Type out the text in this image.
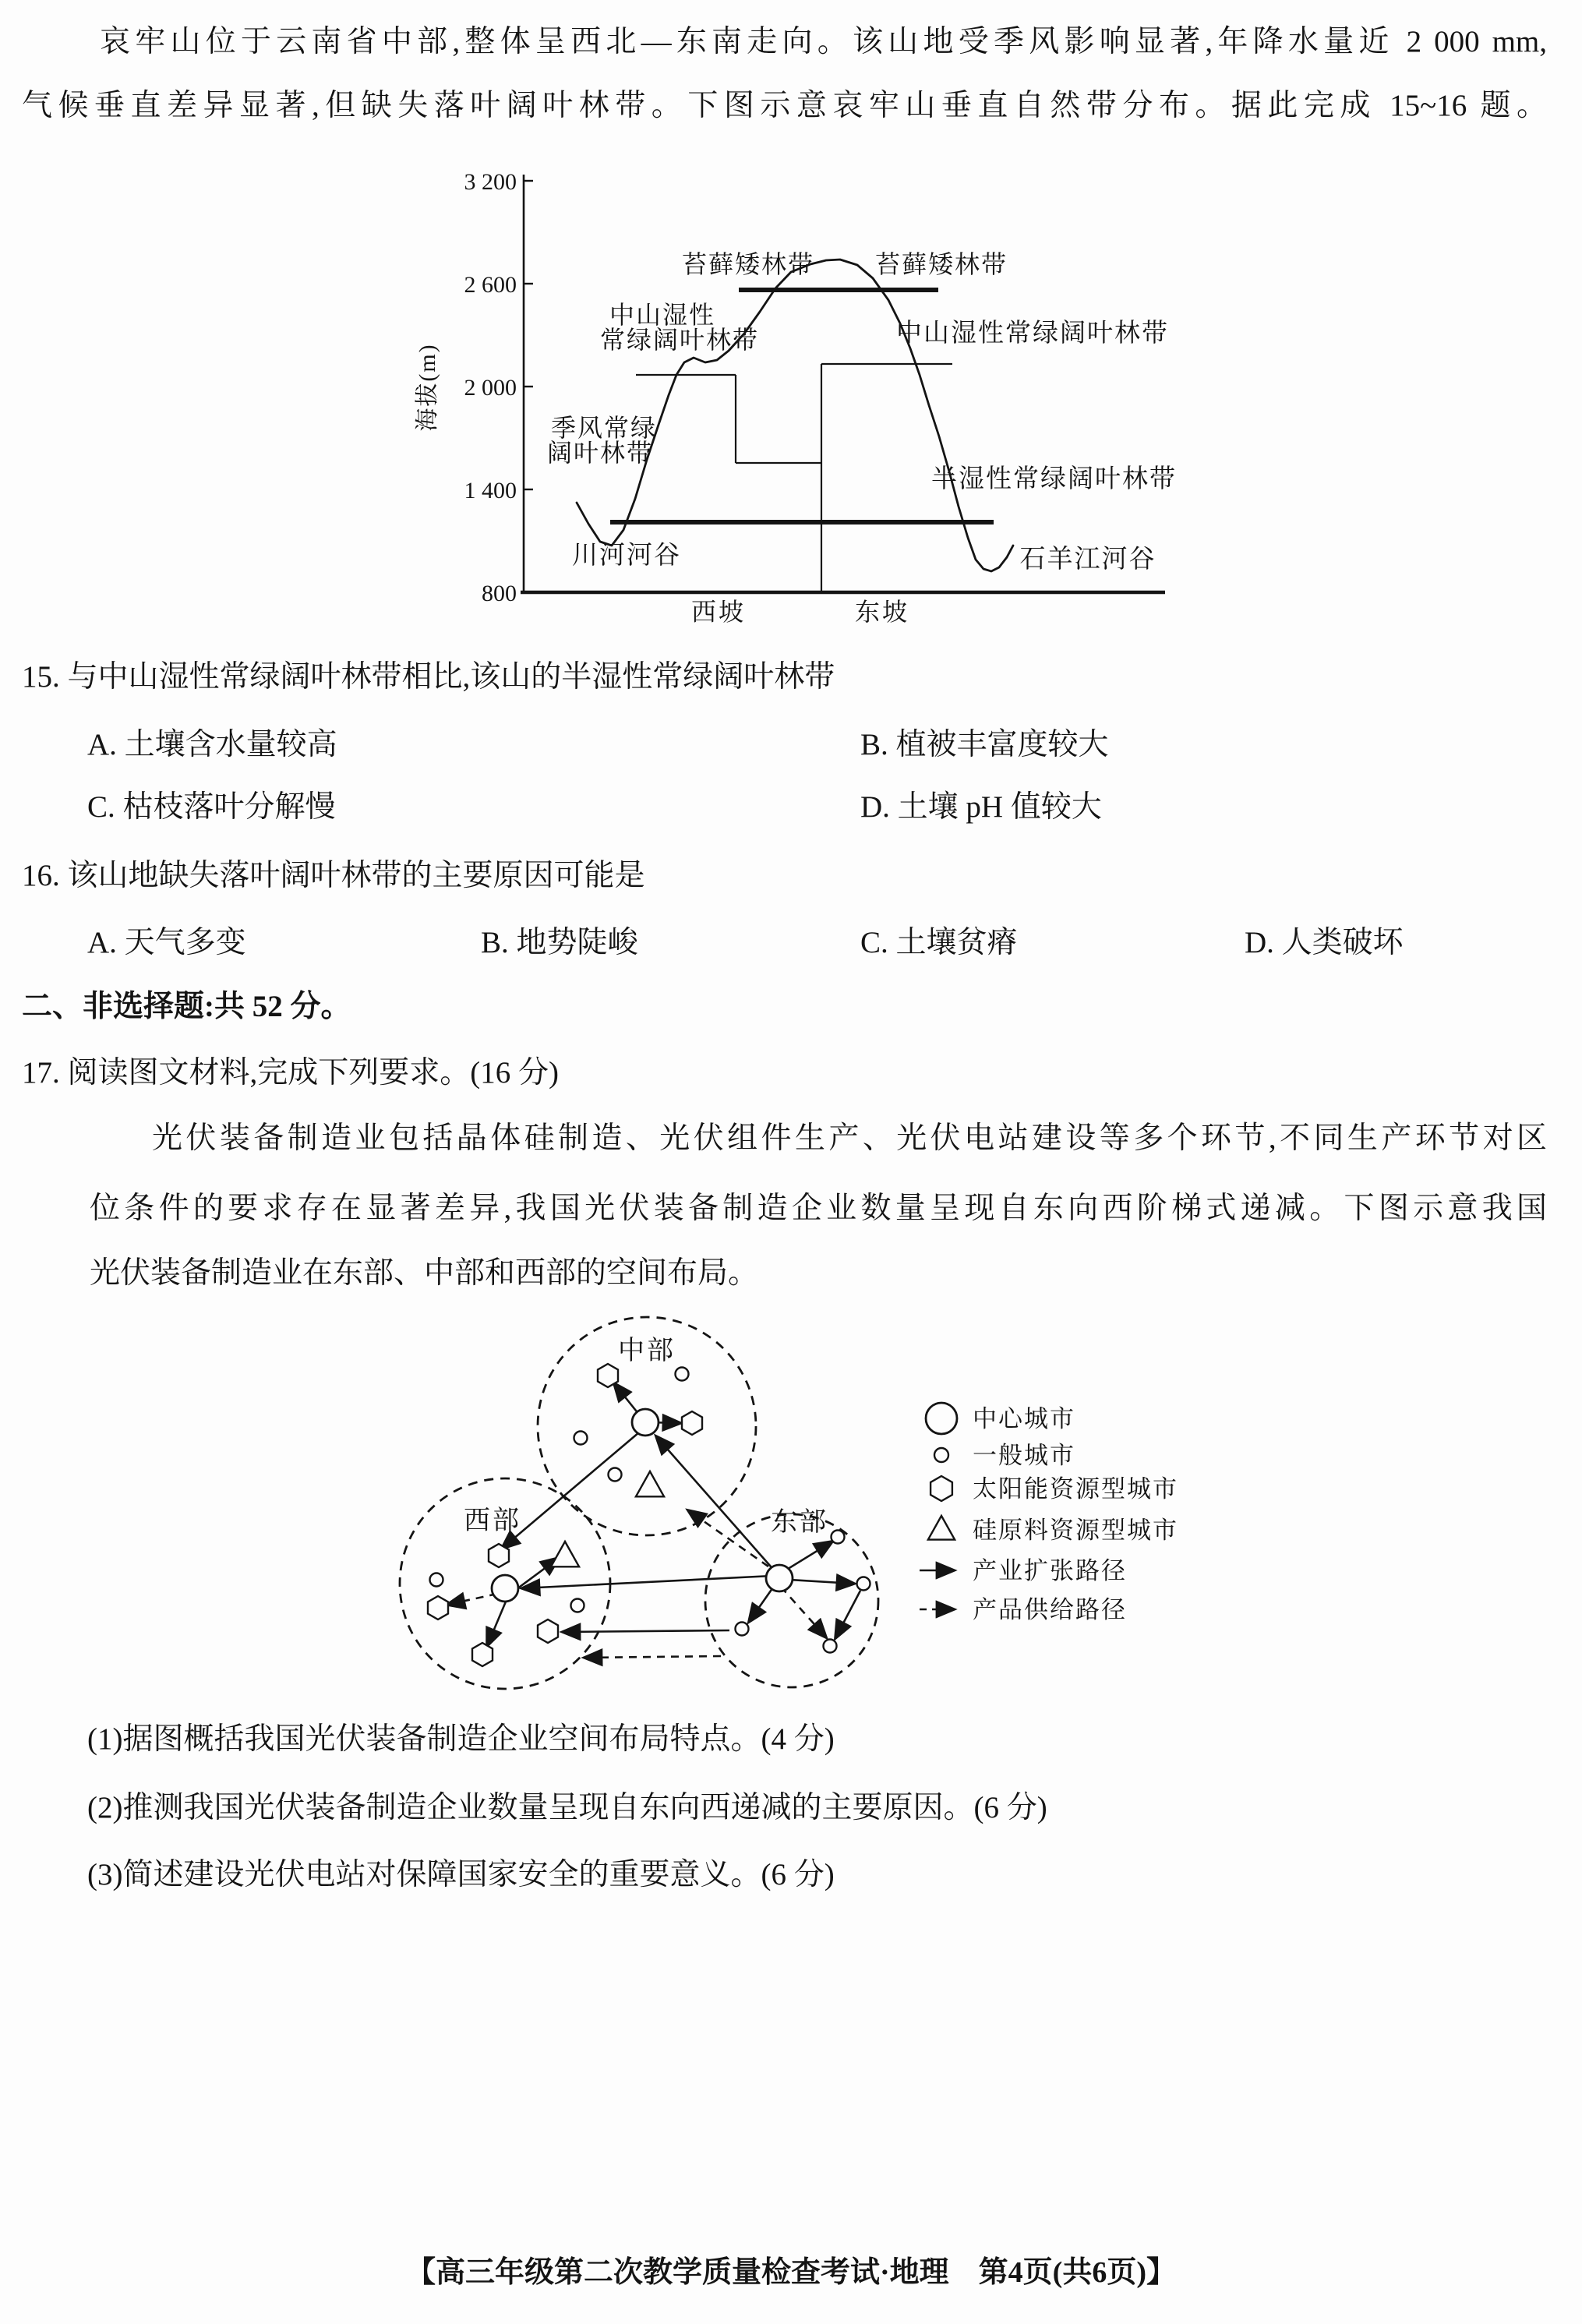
哀牢山位于云南省中部,整体呈西北—东南走向。该山地受季风影响显著,年降水量近 2 000 mm,
气候垂直差异显著,但缺失落叶阔叶林带。下图示意哀牢山垂直自然带分布。据此完成 15~16 题。
3 200
2 600
2 000
1 400
800
海拔(m)
苔藓矮林带 苔藓矮林带
中山湿性
常绿阔叶林带	中山湿性常绿阔叶林带
季风常绿
阔叶林带
半湿性常绿阔叶林带
川河河谷	石羊江河谷
西坡	东坡
15. 与中山湿性常绿阔叶林带相比,该山的半湿性常绿阔叶林带
A. 土壤含水量较高	B. 植被丰富度较大
C. 枯枝落叶分解慢	D. 土壤 pH 值较大
16. 该山地缺失落叶阔叶林带的主要原因可能是
A. 天气多变	B. 地势陡峻	C. 土壤贫瘠	D. 人类破坏
二、非选择题:共 52 分。
17. 阅读图文材料,完成下列要求。(16 分)
光伏装备制造业包括晶体硅制造、光伏组件生产、光伏电站建设等多个环节,不同生产环节对区
位条件的要求存在显著差异,我国光伏装备制造企业数量呈现自东向西阶梯式递减。下图示意我国
光伏装备制造业在东部、中部和西部的空间布局。
中部
西部	东部
中心城市
一般城市
太阳能资源型城市
硅原料资源型城市
产业扩张路径
产品供给路径
(1)据图概括我国光伏装备制造企业空间布局特点。(4 分)
(2)推测我国光伏装备制造企业数量呈现自东向西递减的主要原因。(6 分)
(3)简述建设光伏电站对保障国家安全的重要意义。(6 分)
【高三年级第二次教学质量检查考试·地理　第4页(共6页)】
